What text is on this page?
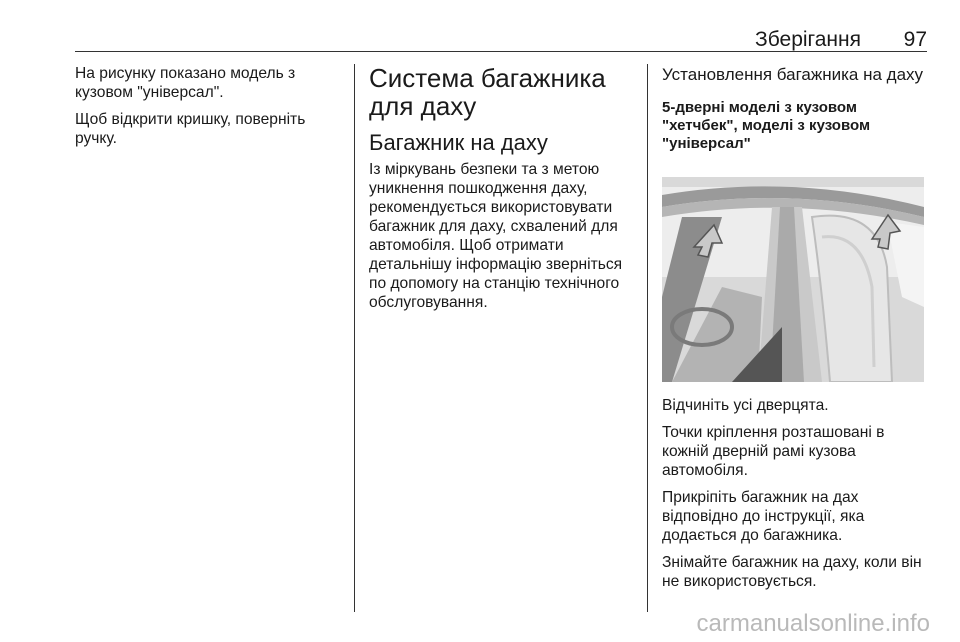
Зберігання 97

На рисунку показано модель з кузовом "універсал".

Щоб відкрити кришку, поверніть ручку.

Система багажника для даху
Багажник на даху

Із міркувань безпеки та з метою уникнення пошкодження даху, рекомендується використовувати багажник для даху, схвалений для автомобіля. Щоб отримати детальнішу інформацію зверніться по допомогу на станцію технічного обслуговування.

Установлення багажника на даху
5-дверні моделі з кузовом "хетчбек", моделі з кузовом "універсал"

Відчиніть усі дверцята.

Точки кріплення розташовані в кожній дверній рамі кузова автомобіля.

Прикріпіть багажник на дах відповідно до інструкції, яка додається до багажника.

Знімайте багажник на даху, коли він не використовується.

carmanualsonline.info
